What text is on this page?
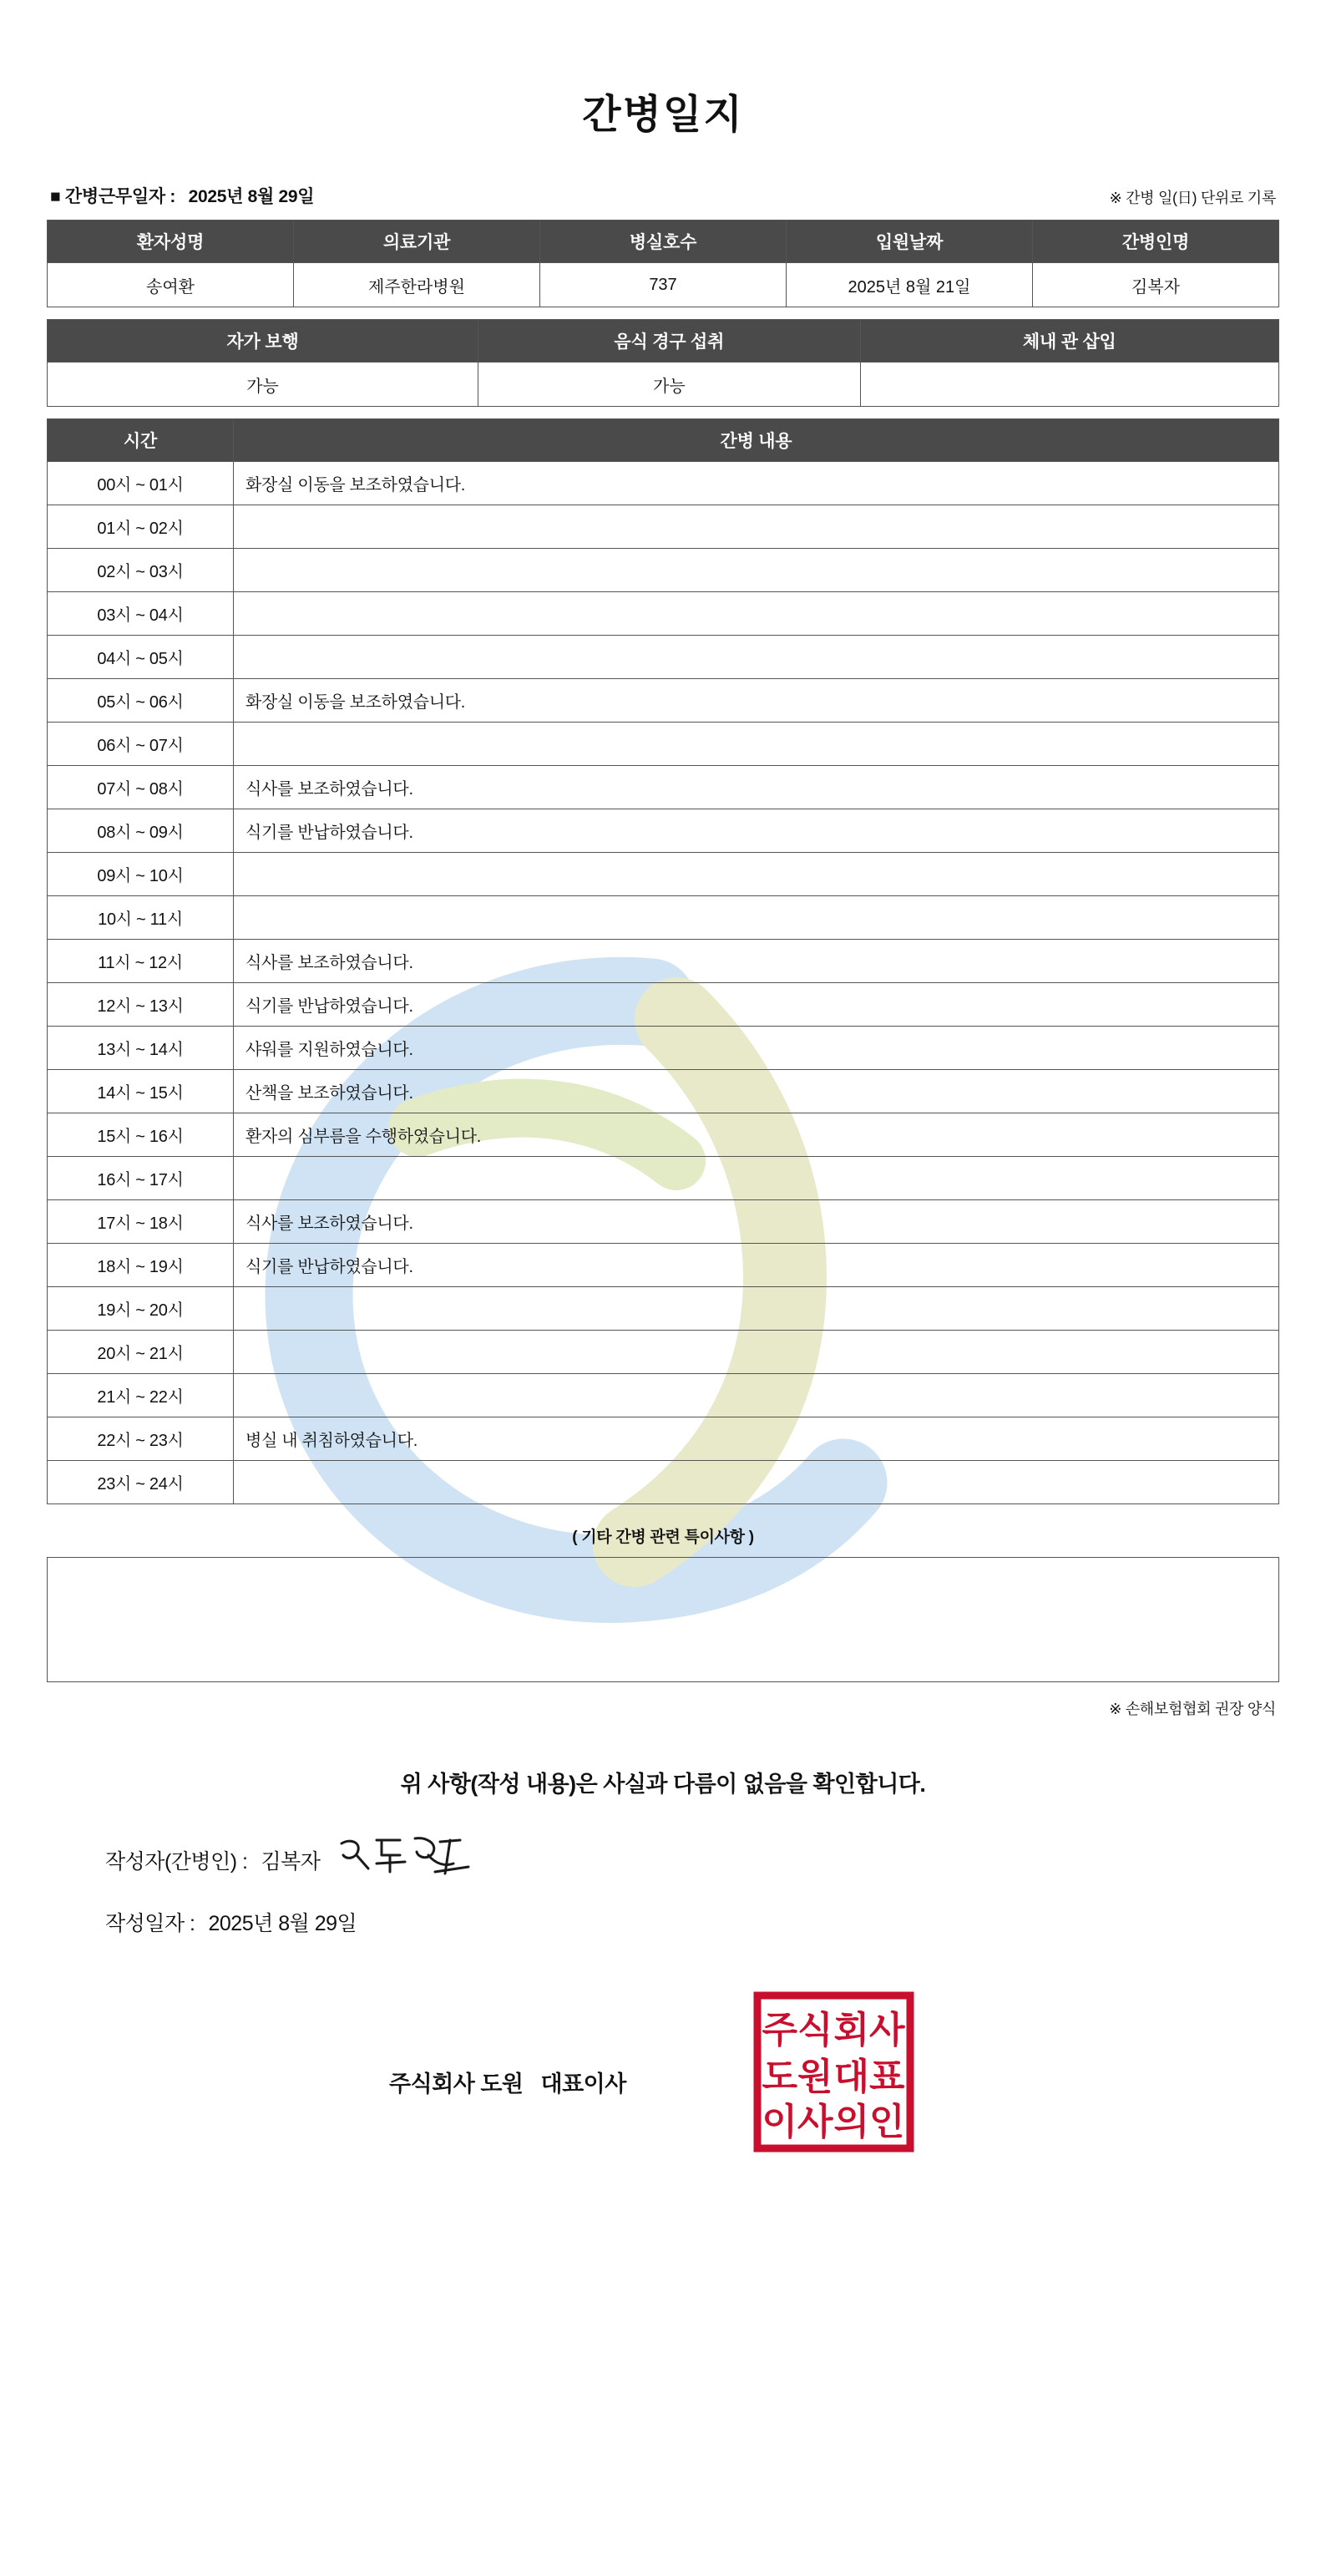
간병일지
■ 간병근무일자 : 2025년 8월 29일	※ 간병 일(日) 단위로 기록
환자성명	의료기관	병실호수	입원날짜	간병인명
송여환	제주한라병원	737	2025년 8월 21일	김복자
자가 보행	음식 경구 섭취	체내 관 삽입
가능	가능	
시간	간병 내용
00시 ~ 01시	화장실 이동을 보조하였습니다.
01시 ~ 02시	
02시 ~ 03시	
03시 ~ 04시	
04시 ~ 05시	
05시 ~ 06시	화장실 이동을 보조하였습니다.
06시 ~ 07시	
07시 ~ 08시	식사를 보조하였습니다.
08시 ~ 09시	식기를 반납하였습니다.
09시 ~ 10시	
10시 ~ 11시	
11시 ~ 12시	식사를 보조하였습니다.
12시 ~ 13시	식기를 반납하였습니다.
13시 ~ 14시	샤워를 지원하였습니다.
14시 ~ 15시	산책을 보조하였습니다.
15시 ~ 16시	환자의 심부름을 수행하였습니다.
16시 ~ 17시	
17시 ~ 18시	식사를 보조하였습니다.
18시 ~ 19시	식기를 반납하였습니다.
19시 ~ 20시	
20시 ~ 21시	
21시 ~ 22시	
22시 ~ 23시	병실 내 취침하였습니다.
23시 ~ 24시	
( 기타 간병 관련 특이사항 )
※ 손해보험협회 권장 양식
위 사항(작성 내용)은 사실과 다름이 없음을 확인합니다.
작성자(간병인) : 김복자
작성일자 : 2025년 8월 29일
주식회사 도원   대표이사
주식 회사
도원 대표
이사 의인
